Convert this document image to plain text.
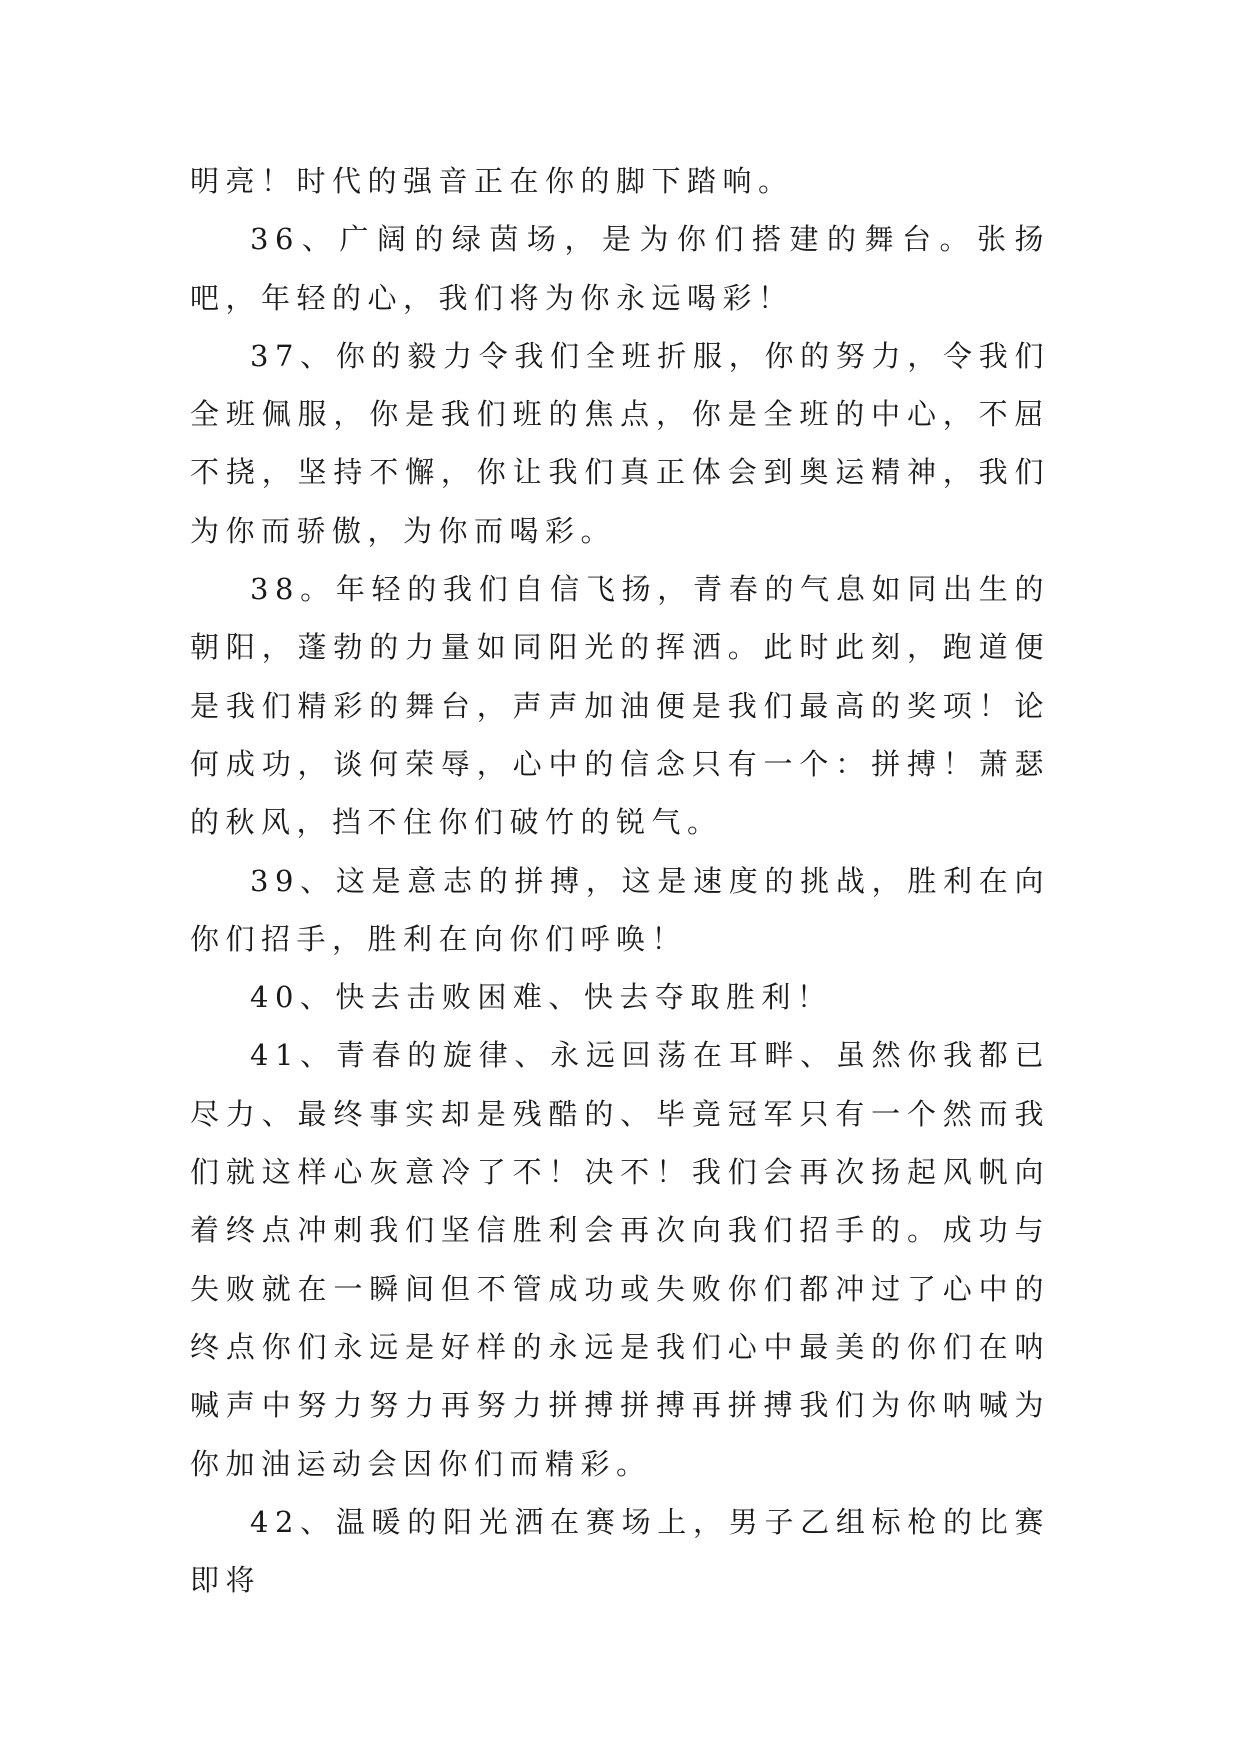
明亮！时代的强音正在你的脚下踏响。

36、广阔的绿茵场，是为你们搭建的舞台。张扬吧，年轻的心，我们将为你永远喝彩！

37、你的毅力令我们全班折服，你的努力，令我们全班佩服，你是我们班的焦点，你是全班的中心，不屈不挠，坚持不懈，你让我们真正体会到奥运精神，我们为你而骄傲，为你而喝彩。

38。年轻的我们自信飞扬，青春的气息如同出生的朝阳，蓬勃的力量如同阳光的挥洒。此时此刻，跑道便是我们精彩的舞台，声声加油便是我们最高的奖项！论何成功，谈何荣辱，心中的信念只有一个：拼搏！萧瑟的秋风，挡不住你们破竹的锐气。

39、这是意志的拼搏，这是速度的挑战，胜利在向你们招手，胜利在向你们呼唤！

40、快去击败困难、快去夺取胜利！

41、青春的旋律、永远回荡在耳畔、虽然你我都已尽力、最终事实却是残酷的、毕竟冠军只有一个然而我们就这样心灰意冷了不！决不！我们会再次扬起风帆向着终点冲刺我们坚信胜利会再次向我们招手的。成功与失败就在一瞬间但不管成功或失败你们都冲过了心中的终点你们永远是好样的永远是我们心中最美的你们在呐喊声中努力努力再努力拼搏拼搏再拼搏我们为你呐喊为你加油运动会因你们而精彩。

42、温暖的阳光洒在赛场上，男子乙组标枪的比赛即将
